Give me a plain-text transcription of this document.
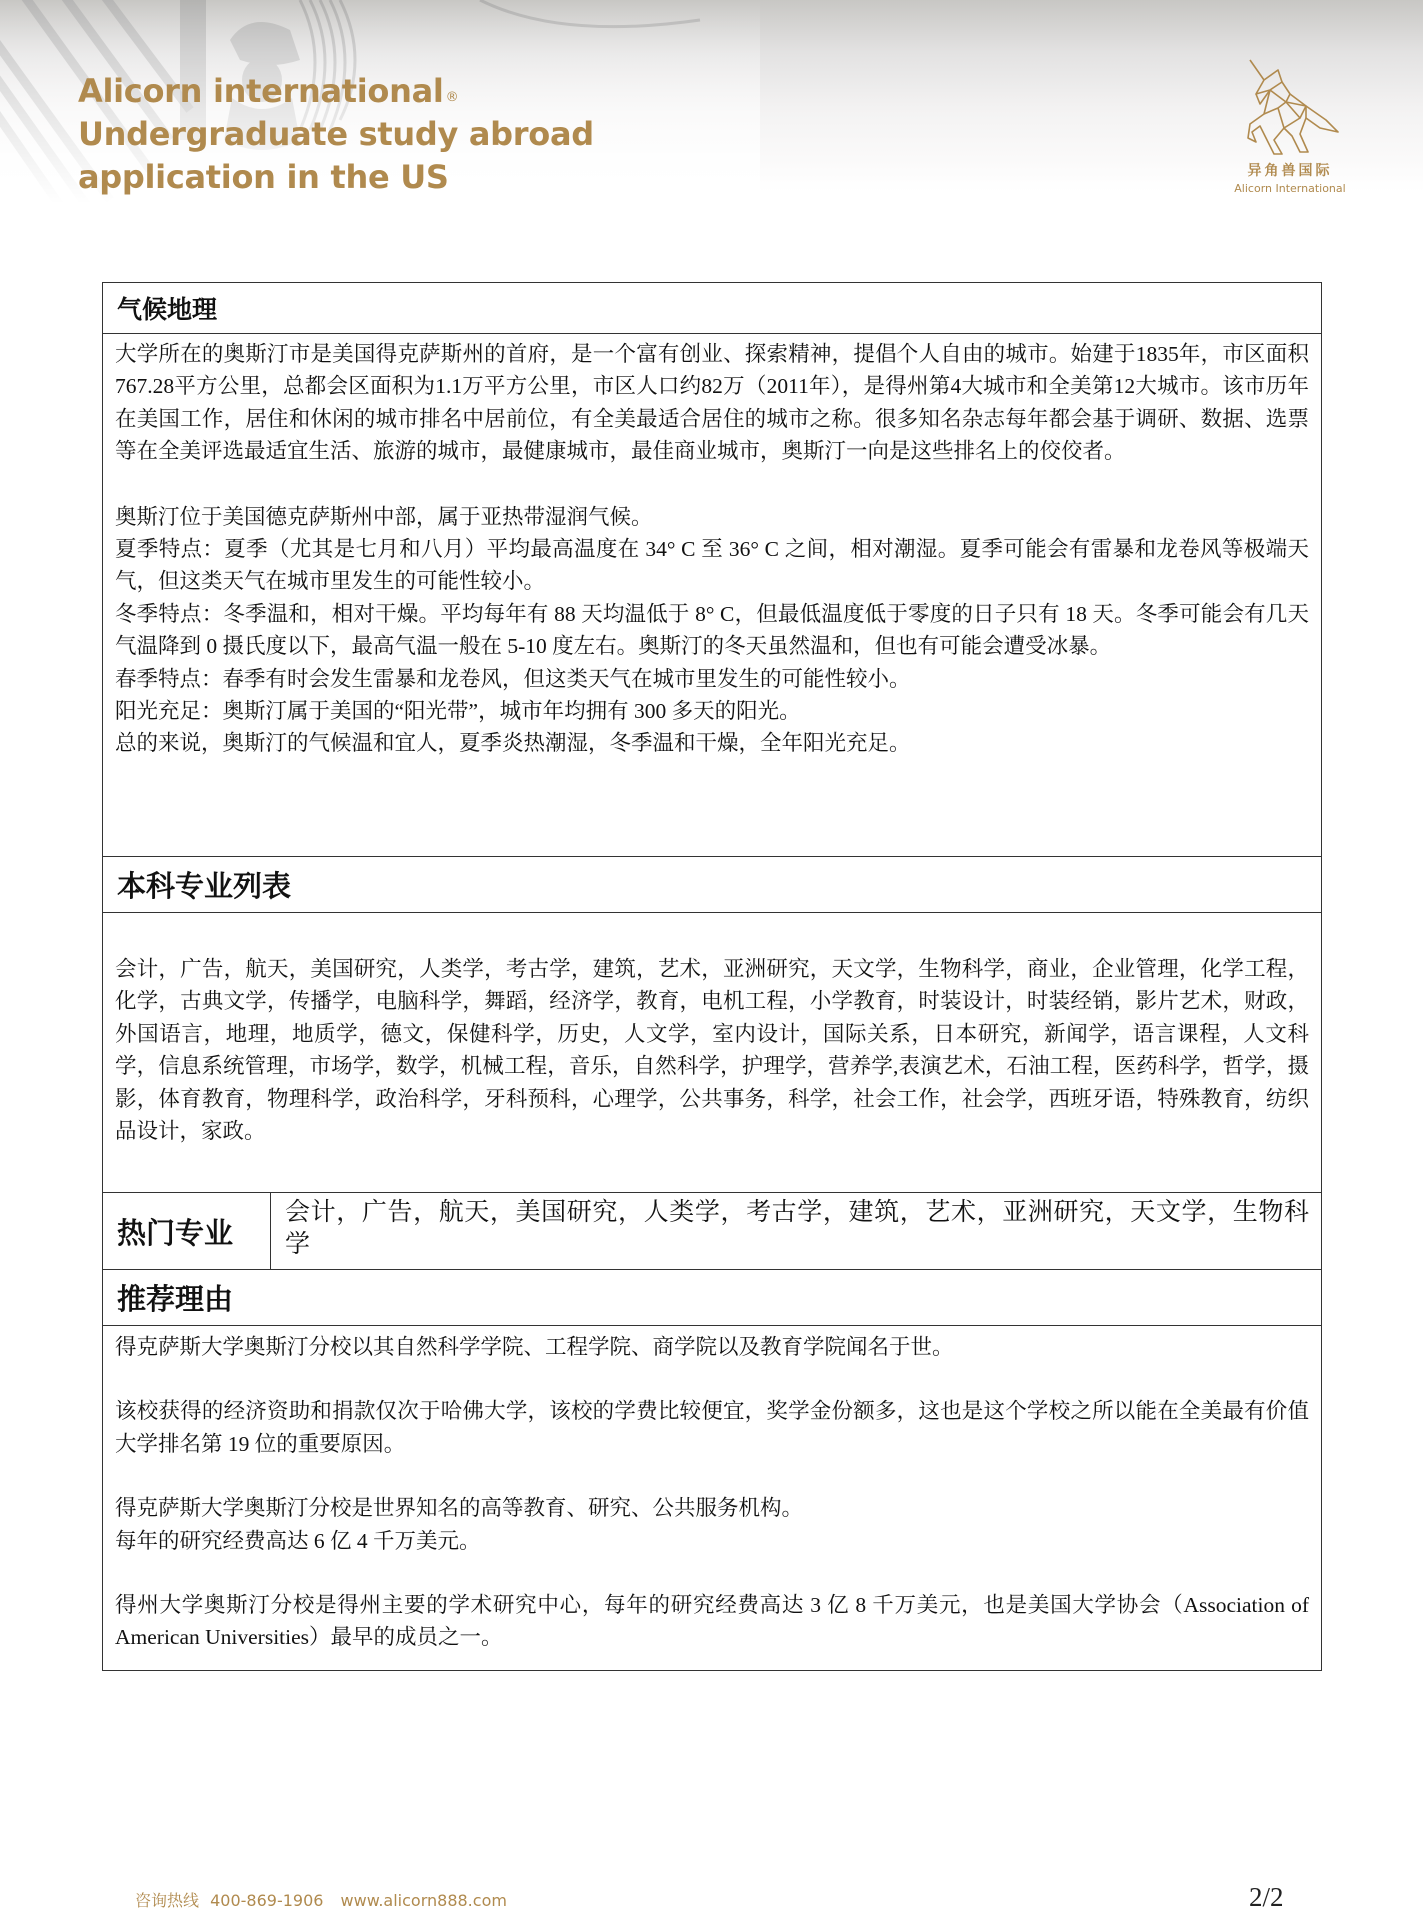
Alicorn international ®
Undergraduate study abroad
application in the US	异角兽国际
Alicorn International
气候地理

大学所在的奥斯汀市是美国得克萨斯州的首府，是一个富有创业、探索精神，提倡个人自由的城市。始建于1835年，市区面积767.28平方公里，总都会区面积为1.1万平方公里，市区人口约82万（2011年），是得州第4大城市和全美第12大城市。该市历年在美国工作，居住和休闲的城市排名中居前位，有全美最适合居住的城市之称。很多知名杂志每年都会基于调研、数据、选票等在全美评选最适宜生活、旅游的城市，最健康城市，最佳商业城市，奥斯汀一向是这些排名上的佼佼者。

奥斯汀位于美国德克萨斯州中部，属于亚热带湿润气候。

夏季特点：夏季（尤其是七月和八月）平均最高温度在 34° C 至 36° C 之间，相对潮湿。夏季可能会有雷暴和龙卷风等极端天气，但这类天气在城市里发生的可能性较小。

冬季特点：冬季温和，相对干燥。平均每年有 88 天均温低于 8° C，但最低温度低于零度的日子只有 18 天。冬季可能会有几天气温降到 0 摄氏度以下，最高气温一般在 5-10 度左右。奥斯汀的冬天虽然温和，但也有可能会遭受冰暴。

春季特点：春季有时会发生雷暴和龙卷风，但这类天气在城市里发生的可能性较小。

阳光充足：奥斯汀属于美国的“阳光带”，城市年均拥有 300 多天的阳光。

总的来说，奥斯汀的气候温和宜人，夏季炎热潮湿，冬季温和干燥，全年阳光充足。

本科专业列表

会计，广告，航天，美国研究，人类学，考古学，建筑，艺术，亚洲研究，天文学，生物科学，商业，企业管理，化学工程，化学，古典文学，传播学，电脑科学，舞蹈，经济学，教育，电机工程，小学教育，时装设计，时装经销，影片艺术，财政，外国语言，地理，地质学，德文，保健科学，历史，人文学，室内设计，国际关系，日本研究，新闻学，语言课程，人文科学，信息系统管理，市场学，数学，机械工程，音乐，自然科学，护理学，营养学,表演艺术，石油工程，医药科学，哲学，摄影，体育教育，物理科学，政治科学，牙科预科，心理学，公共事务，科学，社会工作，社会学，西班牙语，特殊教育，纺织品设计，家政。

热门专业
会计，广告，航天，美国研究，人类学，考古学，建筑，艺术，亚洲研究，天文学，生物科学
推荐理由

得克萨斯大学奥斯汀分校以其自然科学学院、工程学院、商学院以及教育学院闻名于世。

该校获得的经济资助和捐款仅次于哈佛大学，该校的学费比较便宜，奖学金份额多，这也是这个学校之所以能在全美最有价值大学排名第 19 位的重要原因。

得克萨斯大学奥斯汀分校是世界知名的高等教育、研究、公共服务机构。

每年的研究经费高达 6 亿 4 千万美元。

得州大学奥斯汀分校是得州主要的学术研究中心，每年的研究经费高达 3 亿 8 千万美元，也是美国大学协会（Association of American Universities）最早的成员之一。

咨询热线 400-869-1906 www.alicorn888.com	2/2
